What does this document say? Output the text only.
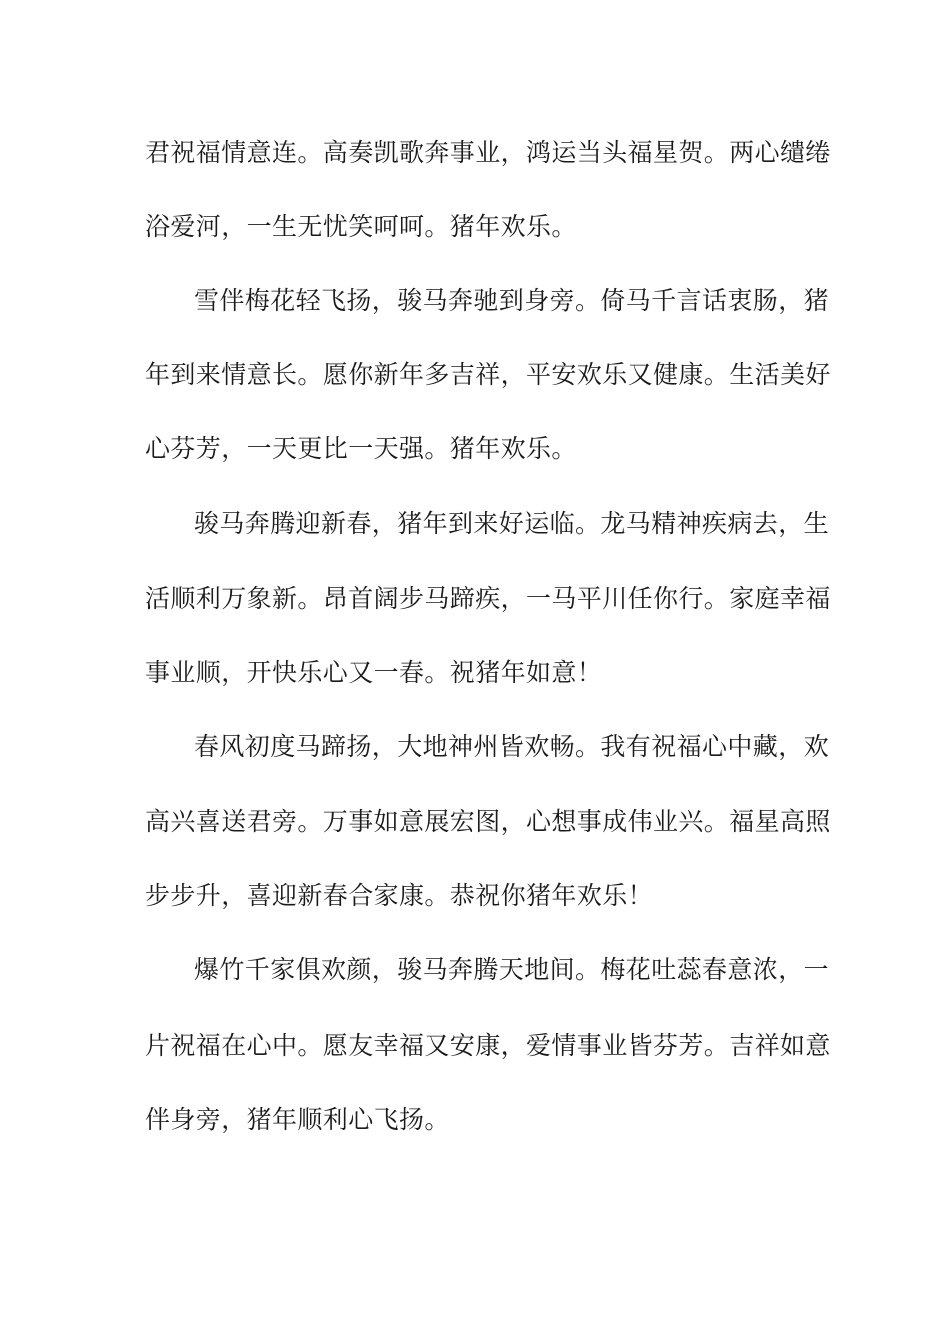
君祝福情意连。高奏凯歌奔事业，鸿运当头福星贺。两心缱绻
浴爱河，一生无忧笑呵呵。猪年欢乐。
雪伴梅花轻飞扬，骏马奔驰到身旁。倚马千言话衷肠，猪
年到来情意长。愿你新年多吉祥，平安欢乐又健康。生活美好
心芬芳，一天更比一天强。猪年欢乐。
骏马奔腾迎新春，猪年到来好运临。龙马精神疾病去，生
活顺利万象新。昂首阔步马蹄疾，一马平川任你行。家庭幸福
事业顺，开快乐心又一春。祝猪年如意！
春风初度马蹄扬，大地神州皆欢畅。我有祝福心中藏，欢
高兴喜送君旁。万事如意展宏图，心想事成伟业兴。福星高照
步步升，喜迎新春合家康。恭祝你猪年欢乐！
爆竹千家俱欢颜，骏马奔腾天地间。梅花吐蕊春意浓，一
片祝福在心中。愿友幸福又安康，爱情事业皆芬芳。吉祥如意
伴身旁，猪年顺利心飞扬。
